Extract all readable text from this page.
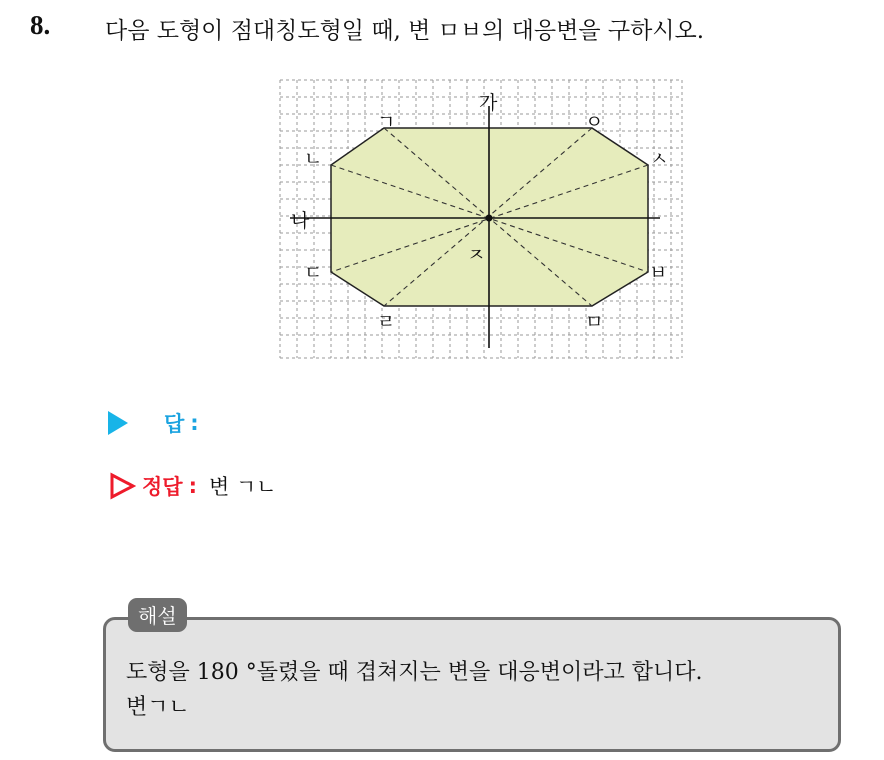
8. 다음 도형이 점대칭도형일 때, 변 ㅁㅂ의 대응변을 구하시오.
가
나
ㅈ
ㄱ
ㄴ
ㄷ
ㄹ	ㅁ
ㅂ
ㅅ
ㅇ
답 :
정답 : 변 ㄱㄴ
해설
도형을 180 °돌렸을 때 겹쳐지는 변을 대응변이라고 합니다.
변ㄱㄴ
